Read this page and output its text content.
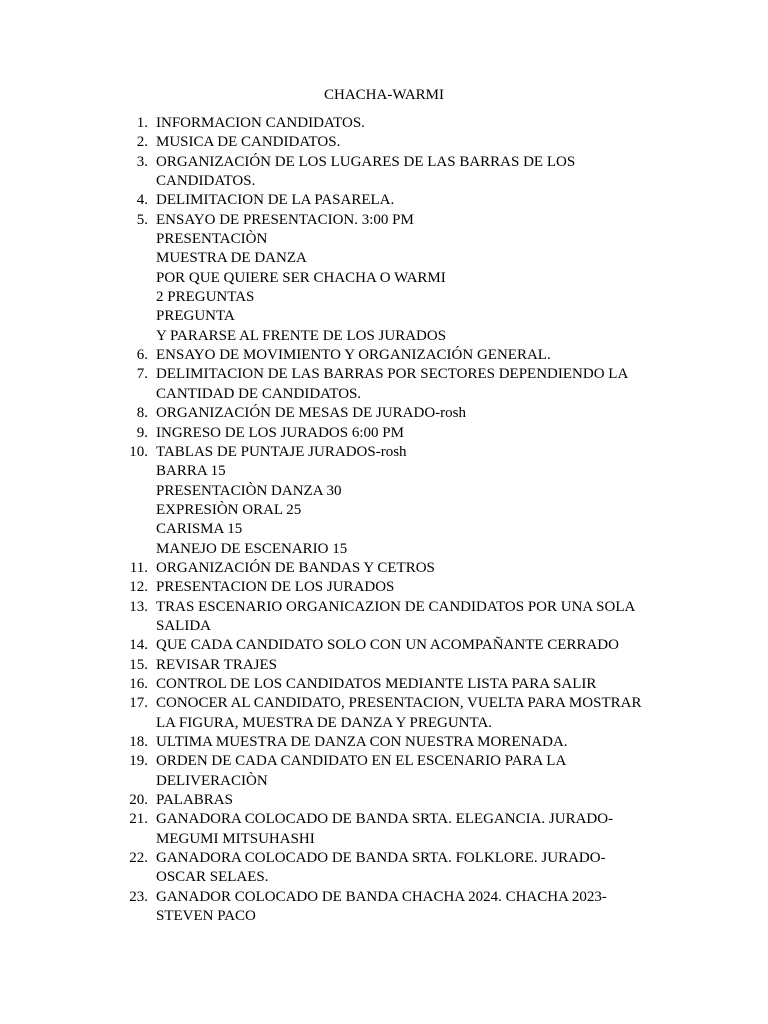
CHACHA-WARMI
1. INFORMACION CANDIDATOS.
2. MUSICA DE CANDIDATOS.
3. ORGANIZACIÓN DE LOS LUGARES DE LAS BARRAS DE LOS
CANDIDATOS.
4. DELIMITACION DE LA PASARELA.
5. ENSAYO DE PRESENTACION. 3:00 PM
PRESENTACIÒN
MUESTRA DE DANZA
POR QUE QUIERE SER CHACHA O WARMI
2 PREGUNTAS
PREGUNTA
Y PARARSE AL FRENTE DE LOS JURADOS
6. ENSAYO DE MOVIMIENTO Y ORGANIZACIÓN GENERAL.
7. DELIMITACION DE LAS BARRAS POR SECTORES DEPENDIENDO LA
CANTIDAD DE CANDIDATOS.
8. ORGANIZACIÓN DE MESAS DE JURADO-rosh
9. INGRESO DE LOS JURADOS 6:00 PM
10. TABLAS DE PUNTAJE JURADOS-rosh
BARRA 15
PRESENTACIÒN DANZA 30
EXPRESIÒN ORAL 25
CARISMA 15
MANEJO DE ESCENARIO 15
11. ORGANIZACIÓN DE BANDAS Y CETROS
12. PRESENTACION DE LOS JURADOS
13. TRAS ESCENARIO ORGANICAZION DE CANDIDATOS POR UNA SOLA
SALIDA
14. QUE CADA CANDIDATO SOLO CON UN ACOMPAÑANTE CERRADO
15. REVISAR TRAJES
16. CONTROL DE LOS CANDIDATOS MEDIANTE LISTA PARA SALIR
17. CONOCER AL CANDIDATO, PRESENTACION, VUELTA PARA MOSTRAR
LA FIGURA, MUESTRA DE DANZA Y PREGUNTA.
18. ULTIMA MUESTRA DE DANZA CON NUESTRA MORENADA.
19. ORDEN DE CADA CANDIDATO EN EL ESCENARIO PARA LA
DELIVERACIÒN
20. PALABRAS
21. GANADORA COLOCADO DE BANDA SRTA. ELEGANCIA. JURADO-
MEGUMI MITSUHASHI
22. GANADORA COLOCADO DE BANDA SRTA. FOLKLORE. JURADO-
OSCAR SELAES.
23. GANADOR COLOCADO DE BANDA CHACHA 2024. CHACHA 2023-
STEVEN PACO
